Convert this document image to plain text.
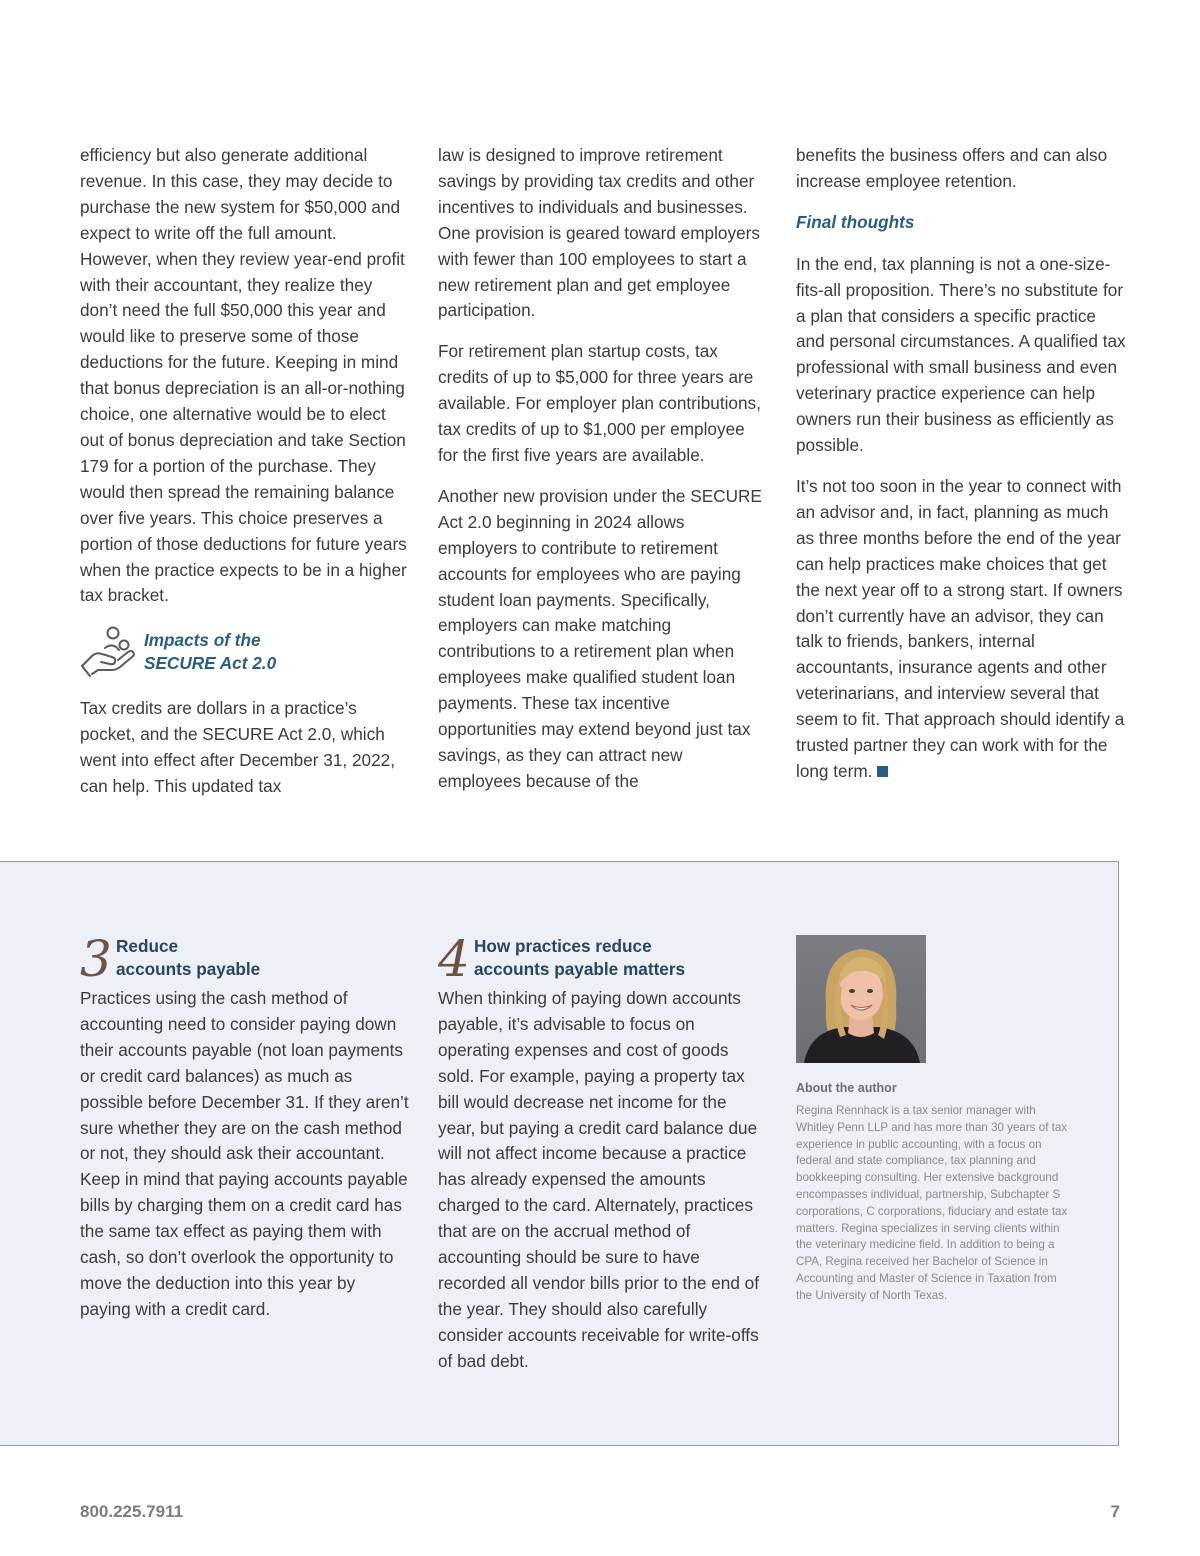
efficiency but also generate additional revenue. In this case, they may decide to purchase the new system for $50,000 and expect to write off the full amount. However, when they review year-end profit with their accountant, they realize they don’t need the full $50,000 this year and would like to preserve some of those deductions for the future. Keeping in mind that bonus depreciation is an all-or-nothing choice, one alternative would be to elect out of bonus depreciation and take Section 179 for a portion of the purchase. They would then spread the remaining balance over five years. This choice preserves a portion of those deductions for future years when the practice expects to be in a higher tax bracket.

Impacts of the
SECURE Act 2.0

Tax credits are dollars in a practice’s pocket, and the SECURE Act 2.0, which went into effect after December 31, 2022, can help. This updated tax

law is designed to improve retirement savings by providing tax credits and other incentives to individuals and businesses. One provision is geared toward employers with fewer than 100 employees to start a new retirement plan and get employee participation.

For retirement plan startup costs, tax credits of up to $5,000 for three years are available. For employer plan contributions, tax credits of up to $1,000 per employee for the first five years are available.

Another new provision under the SECURE Act 2.0 beginning in 2024 allows employers to contribute to retirement accounts for employees who are paying student loan payments. Specifically, employers can make matching contributions to a retirement plan when employees make qualified student loan payments. These tax incentive opportunities may extend beyond just tax savings, as they can attract new employees because of the

benefits the business offers and can also increase employee retention.

Final thoughts

In the end, tax planning is not a one-size-fits-all proposition. There’s no substitute for a plan that considers a specific practice and personal circumstances. A qualified tax professional with small business and even veterinary practice experience can help owners run their business as efficiently as possible.

It’s not too soon in the year to connect with an advisor and, in fact, planning as much as three months before the end of the year can help practices make choices that get the next year off to a strong start. If owners don’t currently have an advisor, they can talk to friends, bankers, internal accountants, insurance agents and other veterinarians, and interview several that seem to fit. That approach should identify a trusted partner they can work with for the long term.

3 Reduce
accounts payable

Practices using the cash method of accounting need to consider paying down their accounts payable (not loan payments or credit card balances) as much as possible before December 31. If they aren’t sure whether they are on the cash method or not, they should ask their accountant. Keep in mind that paying accounts payable bills by charging them on a credit card has the same tax effect as paying them with cash, so don’t overlook the opportunity to move the deduction into this year by paying with a credit card.

4 How practices reduce
accounts payable matters

When thinking of paying down accounts payable, it’s advisable to focus on operating expenses and cost of goods sold. For example, paying a property tax bill would decrease net income for the year, but paying a credit card balance due will not affect income because a practice has already expensed the amounts charged to the card. Alternately, practices that are on the accrual method of accounting should be sure to have recorded all vendor bills prior to the end of the year. They should also carefully consider accounts receivable for write-offs of bad debt.

About the author

Regina Rennhack is a tax senior manager with Whitley Penn LLP and has more than 30 years of tax experience in public accounting, with a focus on federal and state compliance, tax planning and bookkeeping consulting. Her extensive background encompasses individual, partnership, Subchapter S corporations, C corporations, fiduciary and estate tax matters. Regina specializes in serving clients within the veterinary medicine field. In addition to being a CPA, Regina received her Bachelor of Science in Accounting and Master of Science in Taxation from the University of North Texas.

800.225.7911	7
